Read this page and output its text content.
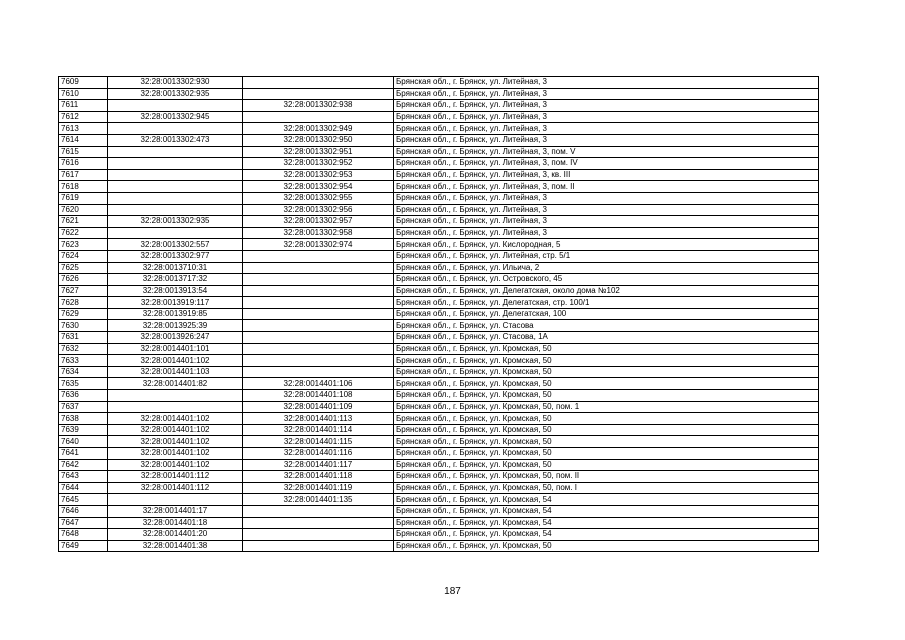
7609	32:28:0013302:930		Брянская обл., г. Брянск, ул. Литейная, 3
7610	32:28:0013302:935		Брянская обл., г. Брянск, ул. Литейная, 3
7611		32:28:0013302:938	Брянская обл., г. Брянск, ул. Литейная, 3
7612	32:28:0013302:945		Брянская обл., г. Брянск, ул. Литейная, 3
7613		32:28:0013302:949	Брянская обл., г. Брянск, ул. Литейная, 3
7614	32:28:0013302:473	32:28:0013302:950	Брянская обл., г. Брянск, ул. Литейная, 3
7615		32:28:0013302:951	Брянская обл., г. Брянск, ул. Литейная, 3, пом. V
7616		32:28:0013302:952	Брянская обл., г. Брянск, ул. Литейная, 3, пом. IV
7617		32:28:0013302:953	Брянская обл., г. Брянск, ул. Литейная, 3, кв. III
7618		32:28:0013302:954	Брянская обл., г. Брянск, ул. Литейная, 3, пом. II
7619		32:28:0013302:955	Брянская обл., г. Брянск, ул. Литейная, 3
7620		32:28:0013302:956	Брянская обл., г. Брянск, ул. Литейная, 3
7621	32:28:0013302:935	32:28:0013302:957	Брянская обл., г. Брянск, ул. Литейная, 3
7622		32:28:0013302:958	Брянская обл., г. Брянск, ул. Литейная, 3
7623	32:28:0013302:557	32:28:0013302:974	Брянская обл., г. Брянск, ул. Кислородная, 5
7624	32:28:0013302:977		Брянская обл., г. Брянск, ул. Литейная, стр. 5/1
7625	32:28:0013710:31		Брянская обл., г. Брянск, ул. Ильича, 2
7626	32:28:0013717:32		Брянская обл., г. Брянск, ул. Островского, 45
7627	32:28:0013913:54		Брянская обл., г. Брянск, ул. Делегатская, около дома №102
7628	32:28:0013919:117		Брянская обл., г. Брянск, ул. Делегатская, стр. 100/1
7629	32:28:0013919:85		Брянская обл., г. Брянск, ул. Делегатская, 100
7630	32:28:0013925:39		Брянская обл., г. Брянск, ул. Стасова
7631	32:28:0013926:247		Брянская обл., г. Брянск, ул. Стасова, 1А
7632	32:28:0014401:101		Брянская обл., г. Брянск, ул. Кромская, 50
7633	32:28:0014401:102		Брянская обл., г. Брянск, ул. Кромская, 50
7634	32:28:0014401:103		Брянская обл., г. Брянск, ул. Кромская, 50
7635	32:28:0014401:82	32:28:0014401:106	Брянская обл., г. Брянск, ул. Кромская, 50
7636		32:28:0014401:108	Брянская обл., г. Брянск, ул. Кромская, 50
7637		32:28:0014401:109	Брянская обл., г. Брянск, ул. Кромская, 50, пом. 1
7638	32:28:0014401:102	32:28:0014401:113	Брянская обл., г. Брянск, ул. Кромская, 50
7639	32:28:0014401:102	32:28:0014401:114	Брянская обл., г. Брянск, ул. Кромская, 50
7640	32:28:0014401:102	32:28:0014401:115	Брянская обл., г. Брянск, ул. Кромская, 50
7641	32:28:0014401:102	32:28:0014401:116	Брянская обл., г. Брянск, ул. Кромская, 50
7642	32:28:0014401:102	32:28:0014401:117	Брянская обл., г. Брянск, ул. Кромская, 50
7643	32:28:0014401:112	32:28:0014401:118	Брянская обл., г. Брянск, ул. Кромская, 50, пом. II
7644	32:28:0014401:112	32:28:0014401:119	Брянская обл., г. Брянск, ул. Кромская, 50, пом. I
7645		32:28:0014401:135	Брянская обл., г. Брянск, ул. Кромская, 54
7646	32:28:0014401:17		Брянская обл., г. Брянск, ул. Кромская, 54
7647	32:28:0014401:18		Брянская обл., г. Брянск, ул. Кромская, 54
7648	32:28:0014401:20		Брянская обл., г. Брянск, ул. Кромская, 54
7649	32:28:0014401:38		Брянская обл., г. Брянск, ул. Кромская, 50
187
